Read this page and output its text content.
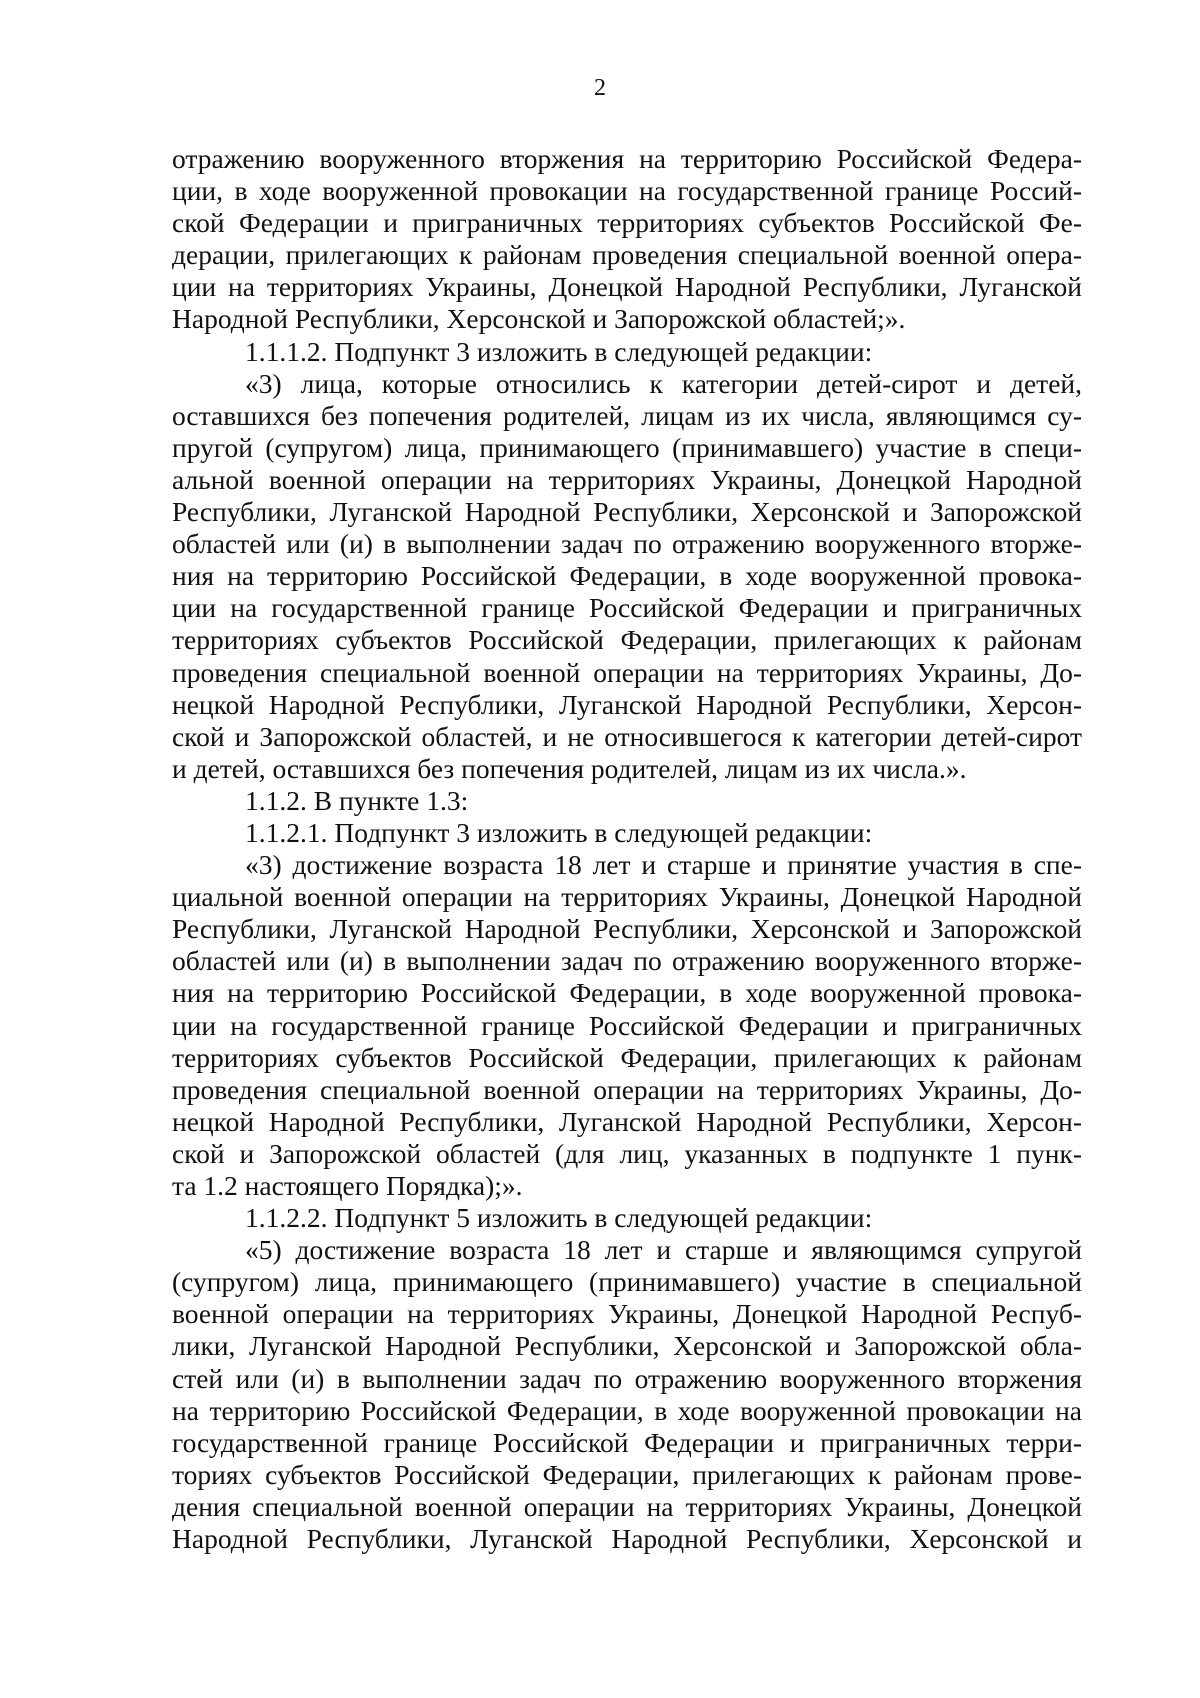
2
отражению вооруженного вторжения на территорию Российской Федера-
ции, в ходе вооруженной провокации на государственной границе Россий-
ской Федерации и приграничных территориях субъектов Российской Фе-
дерации, прилегающих к районам проведения специальной военной опера-
ции на территориях Украины, Донецкой Народной Республики, Луганской
Народной Республики, Херсонской и Запорожской областей;».
1.1.1.2. Подпункт 3 изложить в следующей редакции:
«3) лица, которые относились к категории детей-сирот и детей,
оставшихся без попечения родителей, лицам из их числа, являющимся су-
пругой (супругом) лица, принимающего (принимавшего) участие в специ-
альной военной операции на территориях Украины, Донецкой Народной
Республики, Луганской Народной Республики, Херсонской и Запорожской
областей или (и) в выполнении задач по отражению вооруженного вторже-
ния на территорию Российской Федерации, в ходе вооруженной провока-
ции на государственной границе Российской Федерации и приграничных
территориях субъектов Российской Федерации, прилегающих к районам
проведения специальной военной операции на территориях Украины, До-
нецкой Народной Республики, Луганской Народной Республики, Херсон-
ской и Запорожской областей, и не относившегося к категории детей-сирот
и детей, оставшихся без попечения родителей, лицам из их числа.».
1.1.2. В пункте 1.3:
1.1.2.1. Подпункт 3 изложить в следующей редакции:
«3) достижение возраста 18 лет и старше и принятие участия в спе-
циальной военной операции на территориях Украины, Донецкой Народной
Республики, Луганской Народной Республики, Херсонской и Запорожской
областей или (и) в выполнении задач по отражению вооруженного вторже-
ния на территорию Российской Федерации, в ходе вооруженной провока-
ции на государственной границе Российской Федерации и приграничных
территориях субъектов Российской Федерации, прилегающих к районам
проведения специальной военной операции на территориях Украины, До-
нецкой Народной Республики, Луганской Народной Республики, Херсон-
ской и Запорожской областей (для лиц, указанных в подпункте 1 пунк-
та 1.2 настоящего Порядка);».
1.1.2.2. Подпункт 5 изложить в следующей редакции:
«5) достижение возраста 18 лет и старше и являющимся супругой
(супругом) лица, принимающего (принимавшего) участие в специальной
военной операции на территориях Украины, Донецкой Народной Респуб-
лики, Луганской Народной Республики, Херсонской и Запорожской обла-
стей или (и) в выполнении задач по отражению вооруженного вторжения
на территорию Российской Федерации, в ходе вооруженной провокации на
государственной границе Российской Федерации и приграничных терри-
ториях субъектов Российской Федерации, прилегающих к районам прове-
дения специальной военной операции на территориях Украины, Донецкой
Народной Республики, Луганской Народной Республики, Херсонской и
